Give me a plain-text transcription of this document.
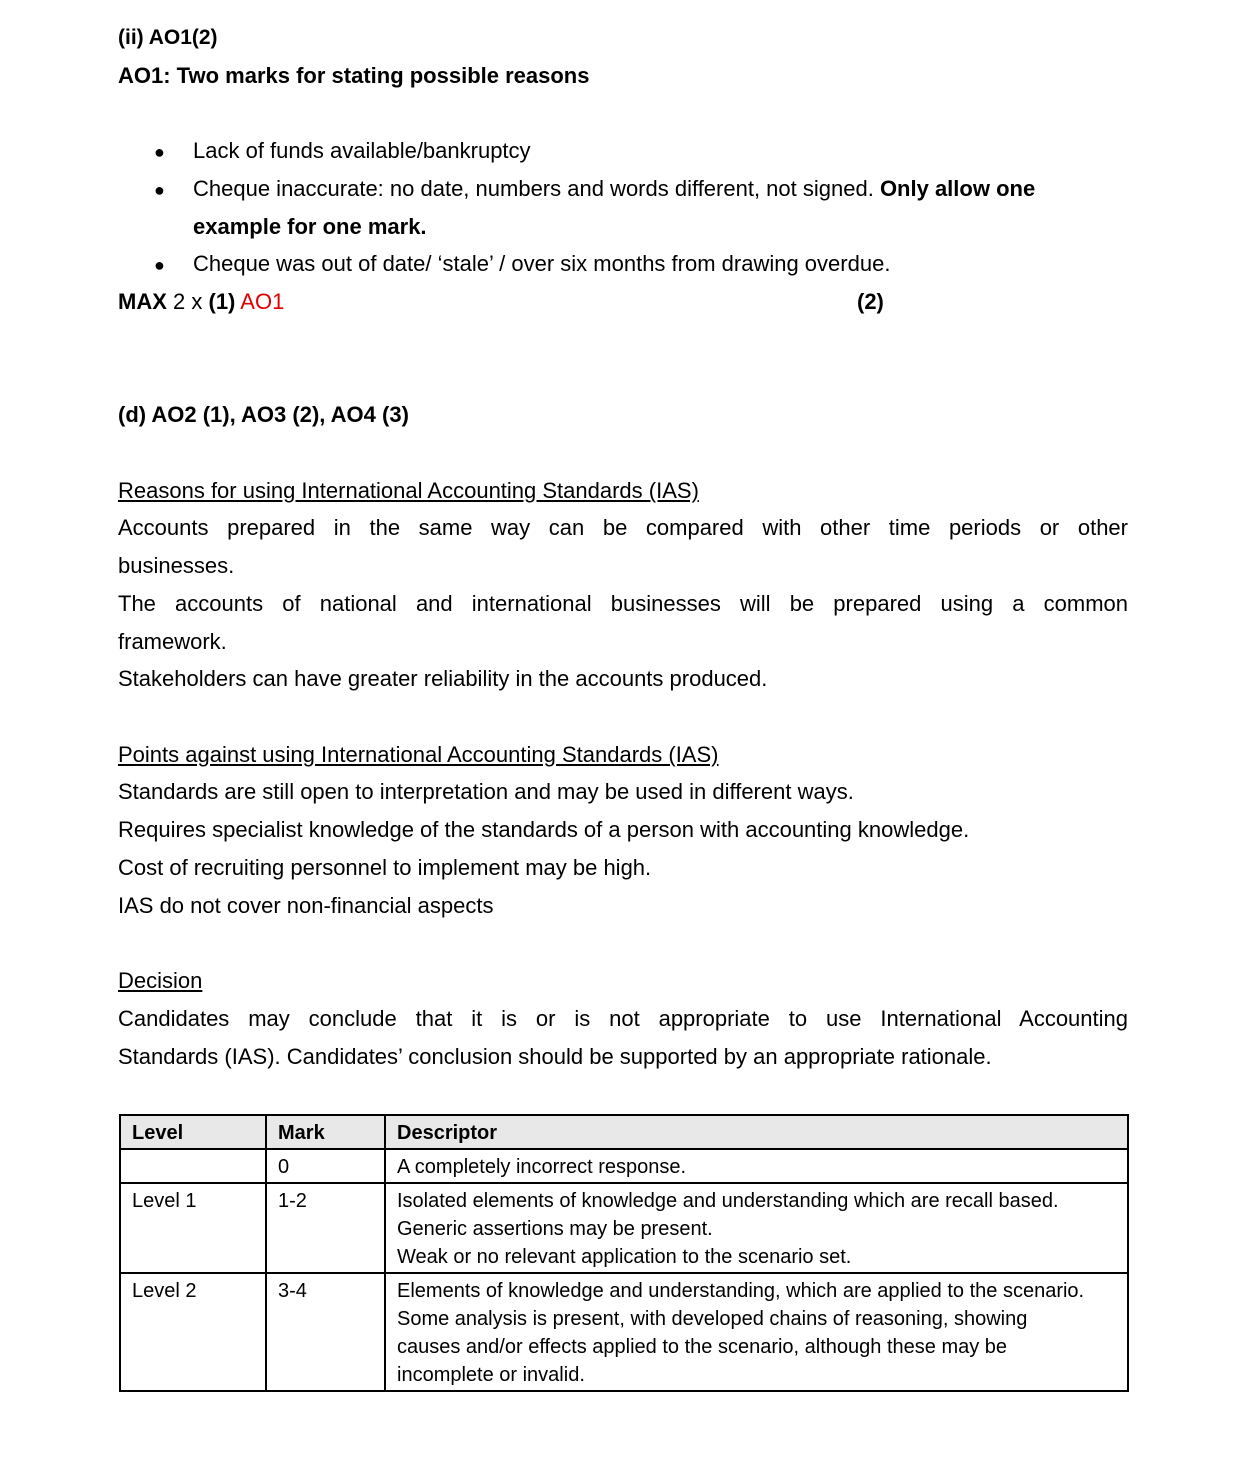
(ii) AO1(2)
AO1: Two marks for stating possible reasons
● Lack of funds available/bankruptcy
● Cheque inaccurate: no date, numbers and words different, not signed. Only allow one
example for one mark.
● Cheque was out of date/ ‘stale’ / over six months from drawing overdue.
MAX 2 x (1) AO1	(2)
(d) AO2 (1), AO3 (2), AO4 (3)
Reasons for using International Accounting Standards (IAS)
Accounts prepared in the same way can be compared with other time periods or other
businesses.
The accounts of national and international businesses will be prepared using a common
framework.
Stakeholders can have greater reliability in the accounts produced.
Points against using International Accounting Standards (IAS)
Standards are still open to interpretation and may be used in different ways.
Requires specialist knowledge of the standards of a person with accounting knowledge.
Cost of recruiting personnel to implement may be high.
IAS do not cover non-financial aspects
Decision
Candidates may conclude that it is or is not appropriate to use International Accounting
Standards (IAS). Candidates’ conclusion should be supported by an appropriate rationale.
Level	Mark	Descriptor
	0	A completely incorrect response.

Level 1	1-2	Isolated elements of knowledge and understanding which are recall based.
Generic assertions may be present.
Weak or no relevant application to the scenario set.

Level 2	3-4	Elements of knowledge and understanding, which are applied to the scenario.
Some analysis is present, with developed chains of reasoning, showing causes and/or effects applied to the scenario, although these may be incomplete or invalid.
